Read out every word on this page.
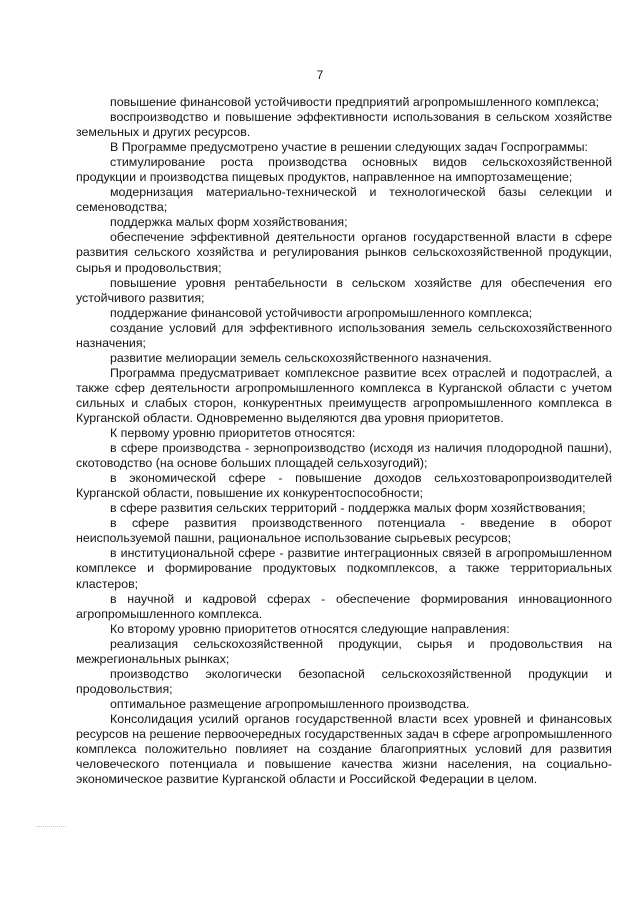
7

повышение финансовой устойчивости предприятий агропромышленного комплекса;

воспроизводство и повышение эффективности использования в сельском хозяйстве земельных и других ресурсов.

В Программе предусмотрено участие в решении следующих задач Госпрограммы:

стимулирование роста производства основных видов сельскохозяйственной продукции и производства пищевых продуктов, направленное на импортозамещение;

модернизация материально-технической и технологической базы селекции и семеноводства;

поддержка малых форм хозяйствования;

обеспечение эффективной деятельности органов государственной власти в сфере развития сельского хозяйства и регулирования рынков сельскохозяйственной продукции, сырья и продовольствия;

повышение уровня рентабельности в сельском хозяйстве для обеспечения его устойчивого развития;

поддержание финансовой устойчивости агропромышленного комплекса;

создание условий для эффективного использования земель сельскохозяйственного назначения;

развитие мелиорации земель сельскохозяйственного назначения.

Программа предусматривает комплексное развитие всех отраслей и подотраслей, а также сфер деятельности агропромышленного комплекса в Курганской области с учетом сильных и слабых сторон, конкурентных преимуществ агропромышленного комплекса в Курганской области. Одновременно выделяются два уровня приоритетов.

К первому уровню приоритетов относятся:

в сфере производства - зернопроизводство (исходя из наличия плодородной пашни), скотоводство (на основе больших площадей сельхозугодий);

в экономической сфере - повышение доходов сельхозтоваропроизводителей Курганской области, повышение их конкурентоспособности;

в сфере развития сельских территорий - поддержка малых форм хозяйствования;

в сфере развития производственного потенциала - введение в оборот неиспользуемой пашни, рациональное использование сырьевых ресурсов;

в институциональной сфере - развитие интеграционных связей в агропромышленном комплексе и формирование продуктовых подкомплексов, а также территориальных кластеров;

в научной и кадровой сферах - обеспечение формирования инновационного агропромышленного комплекса.

Ко второму уровню приоритетов относятся следующие направления:

реализация сельскохозяйственной продукции, сырья и продовольствия на межрегиональных рынках;

производство экологически безопасной сельскохозяйственной продукции и продовольствия;

оптимальное размещение агропромышленного производства.

Консолидация усилий органов государственной власти всех уровней и финансовых ресурсов на решение первоочередных государственных задач в сфере агропромышленного комплекса положительно повлияет на создание благоприятных условий для развития человеческого потенциала и повышение качества жизни населения, на социально-экономическое развитие Курганской области и Российской Федерации в целом.
